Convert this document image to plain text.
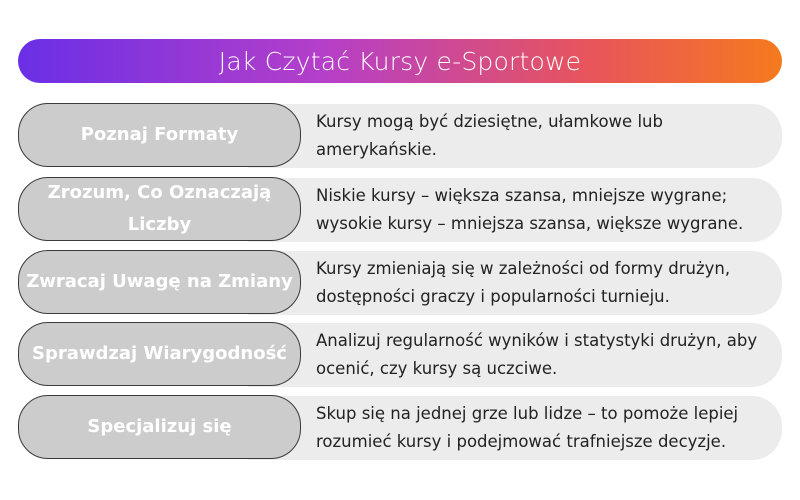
Jak Czytać Kursy e-Sportowe
Poznaj Formaty
Kursy mogą być dziesiętne, ułamkowe lub amerykańskie.
Zrozum, Co Oznaczają Liczby
Niskie kursy – większa szansa, mniejsze wygrane; wysokie kursy – mniejsza szansa, większe wygrane.
Zwracaj Uwagę na Zmiany
Kursy zmieniają się w zależności od formy drużyn, dostępności graczy i popularności turnieju.
Sprawdzaj Wiarygodność
Analizuj regularność wyników i statystyki drużyn, aby ocenić, czy kursy są uczciwe.
Specjalizuj się
Skup się na jednej grze lub lidze – to pomoże lepiej rozumieć kursy i podejmować trafniejsze decyzje.
